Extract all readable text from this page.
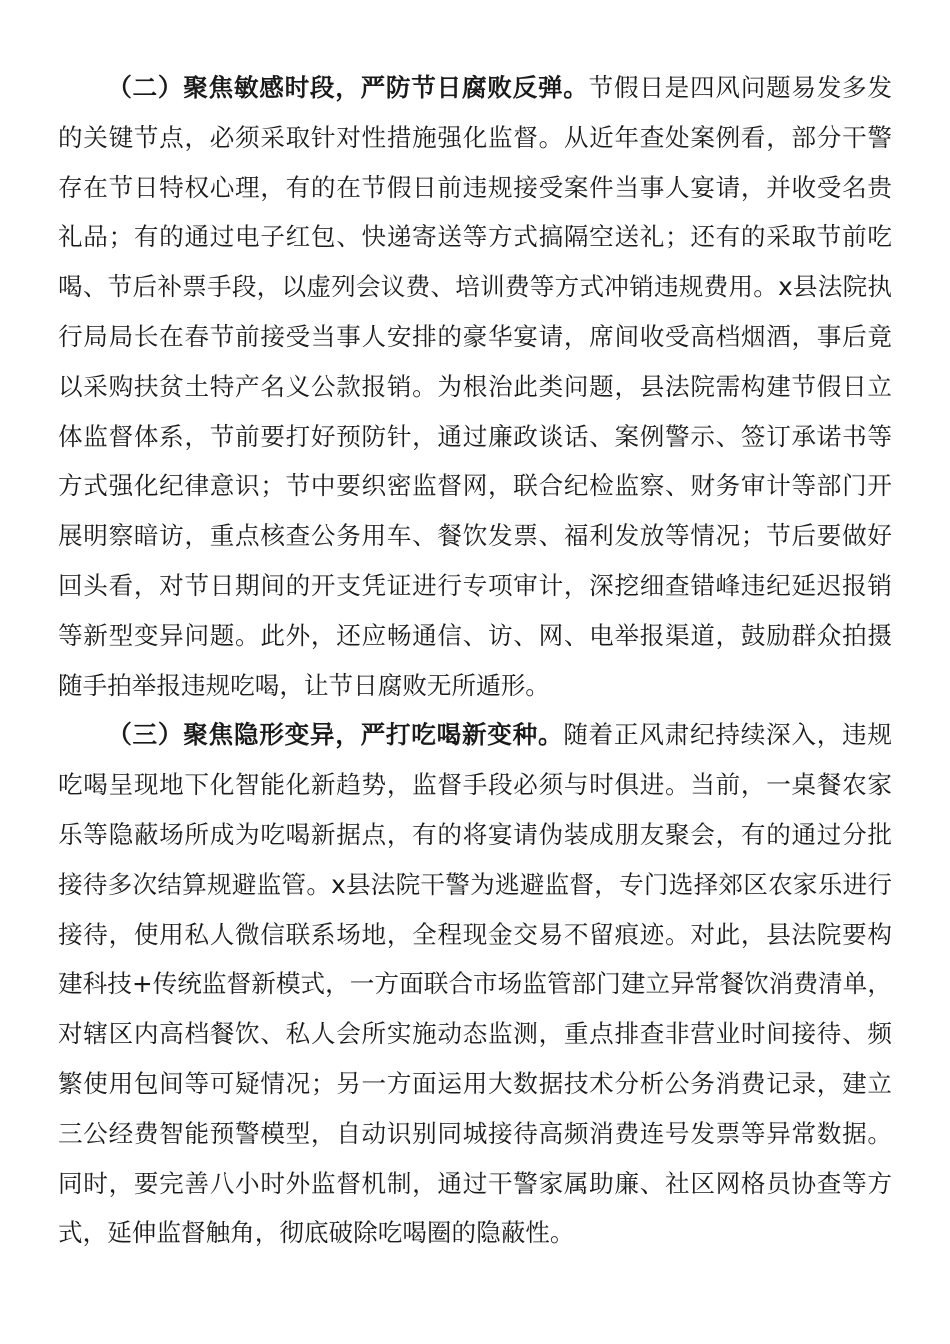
（二）聚焦敏感时段，严防节日腐败反弹。节假日是四风问题易发多发的关键节点，必须采取针对性措施强化监督。从近年查处案例看，部分干警存在节日特权心理，有的在节假日前违规接受案件当事人宴请，并收受名贵礼品；有的通过电子红包、快递寄送等方式搞隔空送礼；还有的采取节前吃喝、节后补票手段，以虚列会议费、培训费等方式冲销违规费用。x县法院执行局局长在春节前接受当事人安排的豪华宴请，席间收受高档烟酒，事后竟以采购扶贫土特产名义公款报销。为根治此类问题，县法院需构建节假日立体监督体系，节前要打好预防针，通过廉政谈话、案例警示、签订承诺书等方式强化纪律意识；节中要织密监督网，联合纪检监察、财务审计等部门开展明察暗访，重点核查公务用车、餐饮发票、福利发放等情况；节后要做好回头看，对节日期间的开支凭证进行专项审计，深挖细查错峰违纪延迟报销等新型变异问题。此外，还应畅通信、访、网、电举报渠道，鼓励群众拍摄随手拍举报违规吃喝，让节日腐败无所遁形。

（三）聚焦隐形变异，严打吃喝新变种。随着正风肃纪持续深入，违规吃喝呈现地下化智能化新趋势，监督手段必须与时俱进。当前，一桌餐农家乐等隐蔽场所成为吃喝新据点，有的将宴请伪装成朋友聚会，有的通过分批接待多次结算规避监管。x县法院干警为逃避监督，专门选择郊区农家乐进行接待，使用私人微信联系场地，全程现金交易不留痕迹。对此，县法院要构建科技+传统监督新模式，一方面联合市场监管部门建立异常餐饮消费清单，对辖区内高档餐饮、私人会所实施动态监测，重点排查非营业时间接待、频繁使用包间等可疑情况；另一方面运用大数据技术分析公务消费记录，建立三公经费智能预警模型，自动识别同城接待高频消费连号发票等异常数据。同时，要完善八小时外监督机制，通过干警家属助廉、社区网格员协查等方式，延伸监督触角，彻底破除吃喝圈的隐蔽性。
